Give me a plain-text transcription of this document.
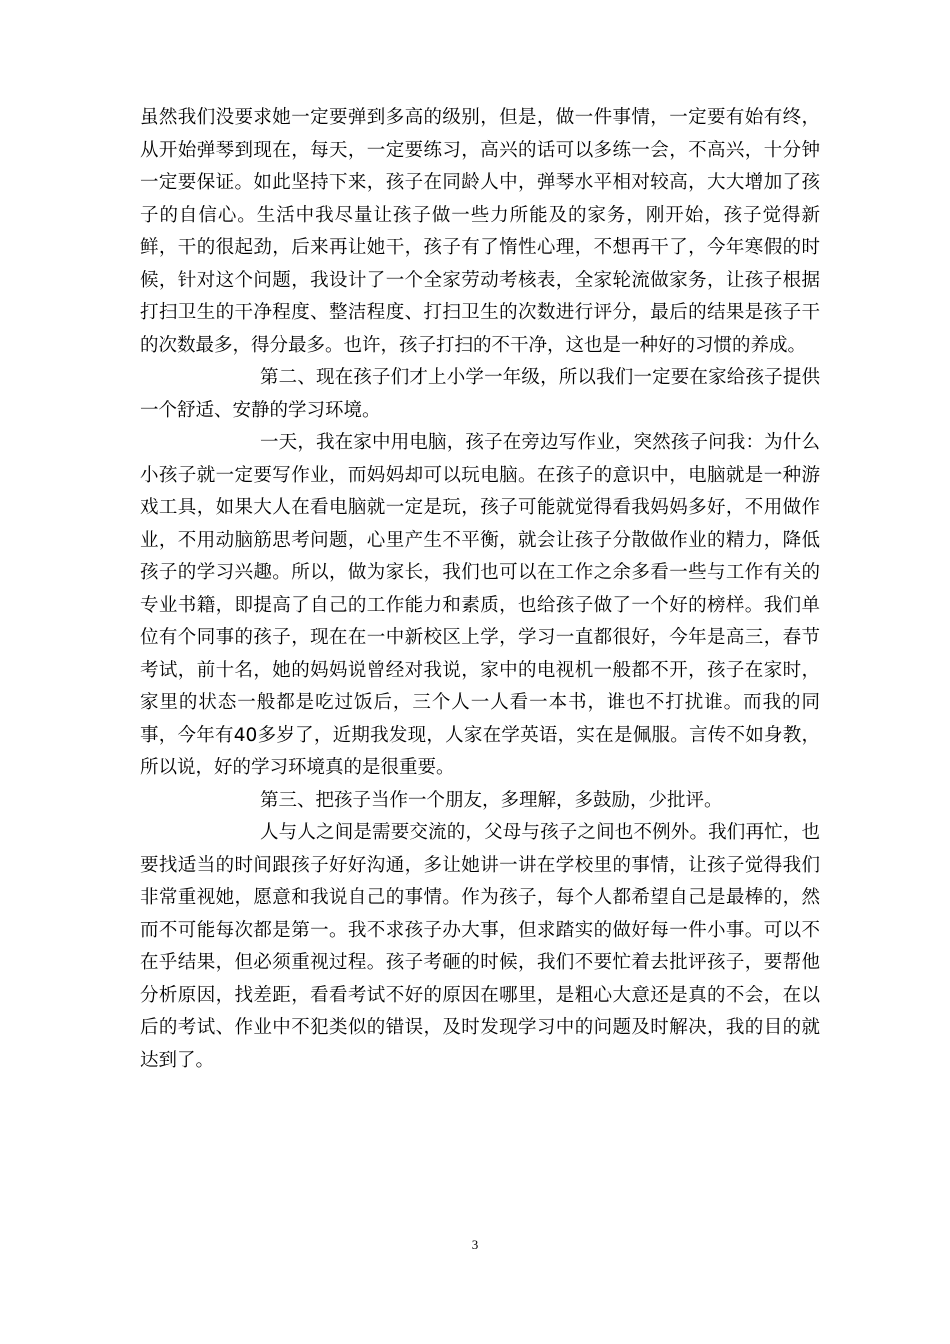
虽然我们没要求她一定要弹到多高的级别，但是，做一件事情，一定要有始有终，从开始弹琴到现在，每天，一定要练习，高兴的话可以多练一会，不高兴，十分钟一定要保证。如此坚持下来，孩子在同龄人中，弹琴水平相对较高，大大增加了孩子的自信心。生活中我尽量让孩子做一些力所能及的家务，刚开始，孩子觉得新鲜，干的很起劲，后来再让她干，孩子有了惰性心理，不想再干了，今年寒假的时候，针对这个问题，我设计了一个全家劳动考核表，全家轮流做家务，让孩子根据打扫卫生的干净程度、整洁程度、打扫卫生的次数进行评分，最后的结果是孩子干的次数最多，得分最多。也许，孩子打扫的不干净，这也是一种好的习惯的养成。

第二、现在孩子们才上小学一年级，所以我们一定要在家给孩子提供一个舒适、安静的学习环境。

一天，我在家中用电脑，孩子在旁边写作业，突然孩子问我：为什么小孩子就一定要写作业，而妈妈却可以玩电脑。在孩子的意识中，电脑就是一种游戏工具，如果大人在看电脑就一定是玩，孩子可能就觉得看我妈妈多好，不用做作业，不用动脑筋思考问题，心里产生不平衡，就会让孩子分散做作业的精力，降低孩子的学习兴趣。所以，做为家长，我们也可以在工作之余多看一些与工作有关的专业书籍，即提高了自己的工作能力和素质，也给孩子做了一个好的榜样。我们单位有个同事的孩子，现在在一中新校区上学，学习一直都很好，今年是高三，春节考试，前十名，她的妈妈说曾经对我说，家中的电视机一般都不开，孩子在家时，家里的状态一般都是吃过饭后，三个人一人看一本书，谁也不打扰谁。而我的同事，今年有40多岁了，近期我发现，人家在学英语，实在是佩服。言传不如身教，所以说，好的学习环境真的是很重要。

第三、把孩子当作一个朋友，多理解，多鼓励，少批评。

人与人之间是需要交流的，父母与孩子之间也不例外。我们再忙，也要找适当的时间跟孩子好好沟通，多让她讲一讲在学校里的事情，让孩子觉得我们非常重视她，愿意和我说自己的事情。作为孩子，每个人都希望自己是最棒的，然而不可能每次都是第一。我不求孩子办大事，但求踏实的做好每一件小事。可以不在乎结果，但必须重视过程。孩子考砸的时候，我们不要忙着去批评孩子，要帮他分析原因，找差距，看看考试不好的原因在哪里，是粗心大意还是真的不会，在以后的考试、作业中不犯类似的错误，及时发现学习中的问题及时解决，我的目的就达到了。

3
